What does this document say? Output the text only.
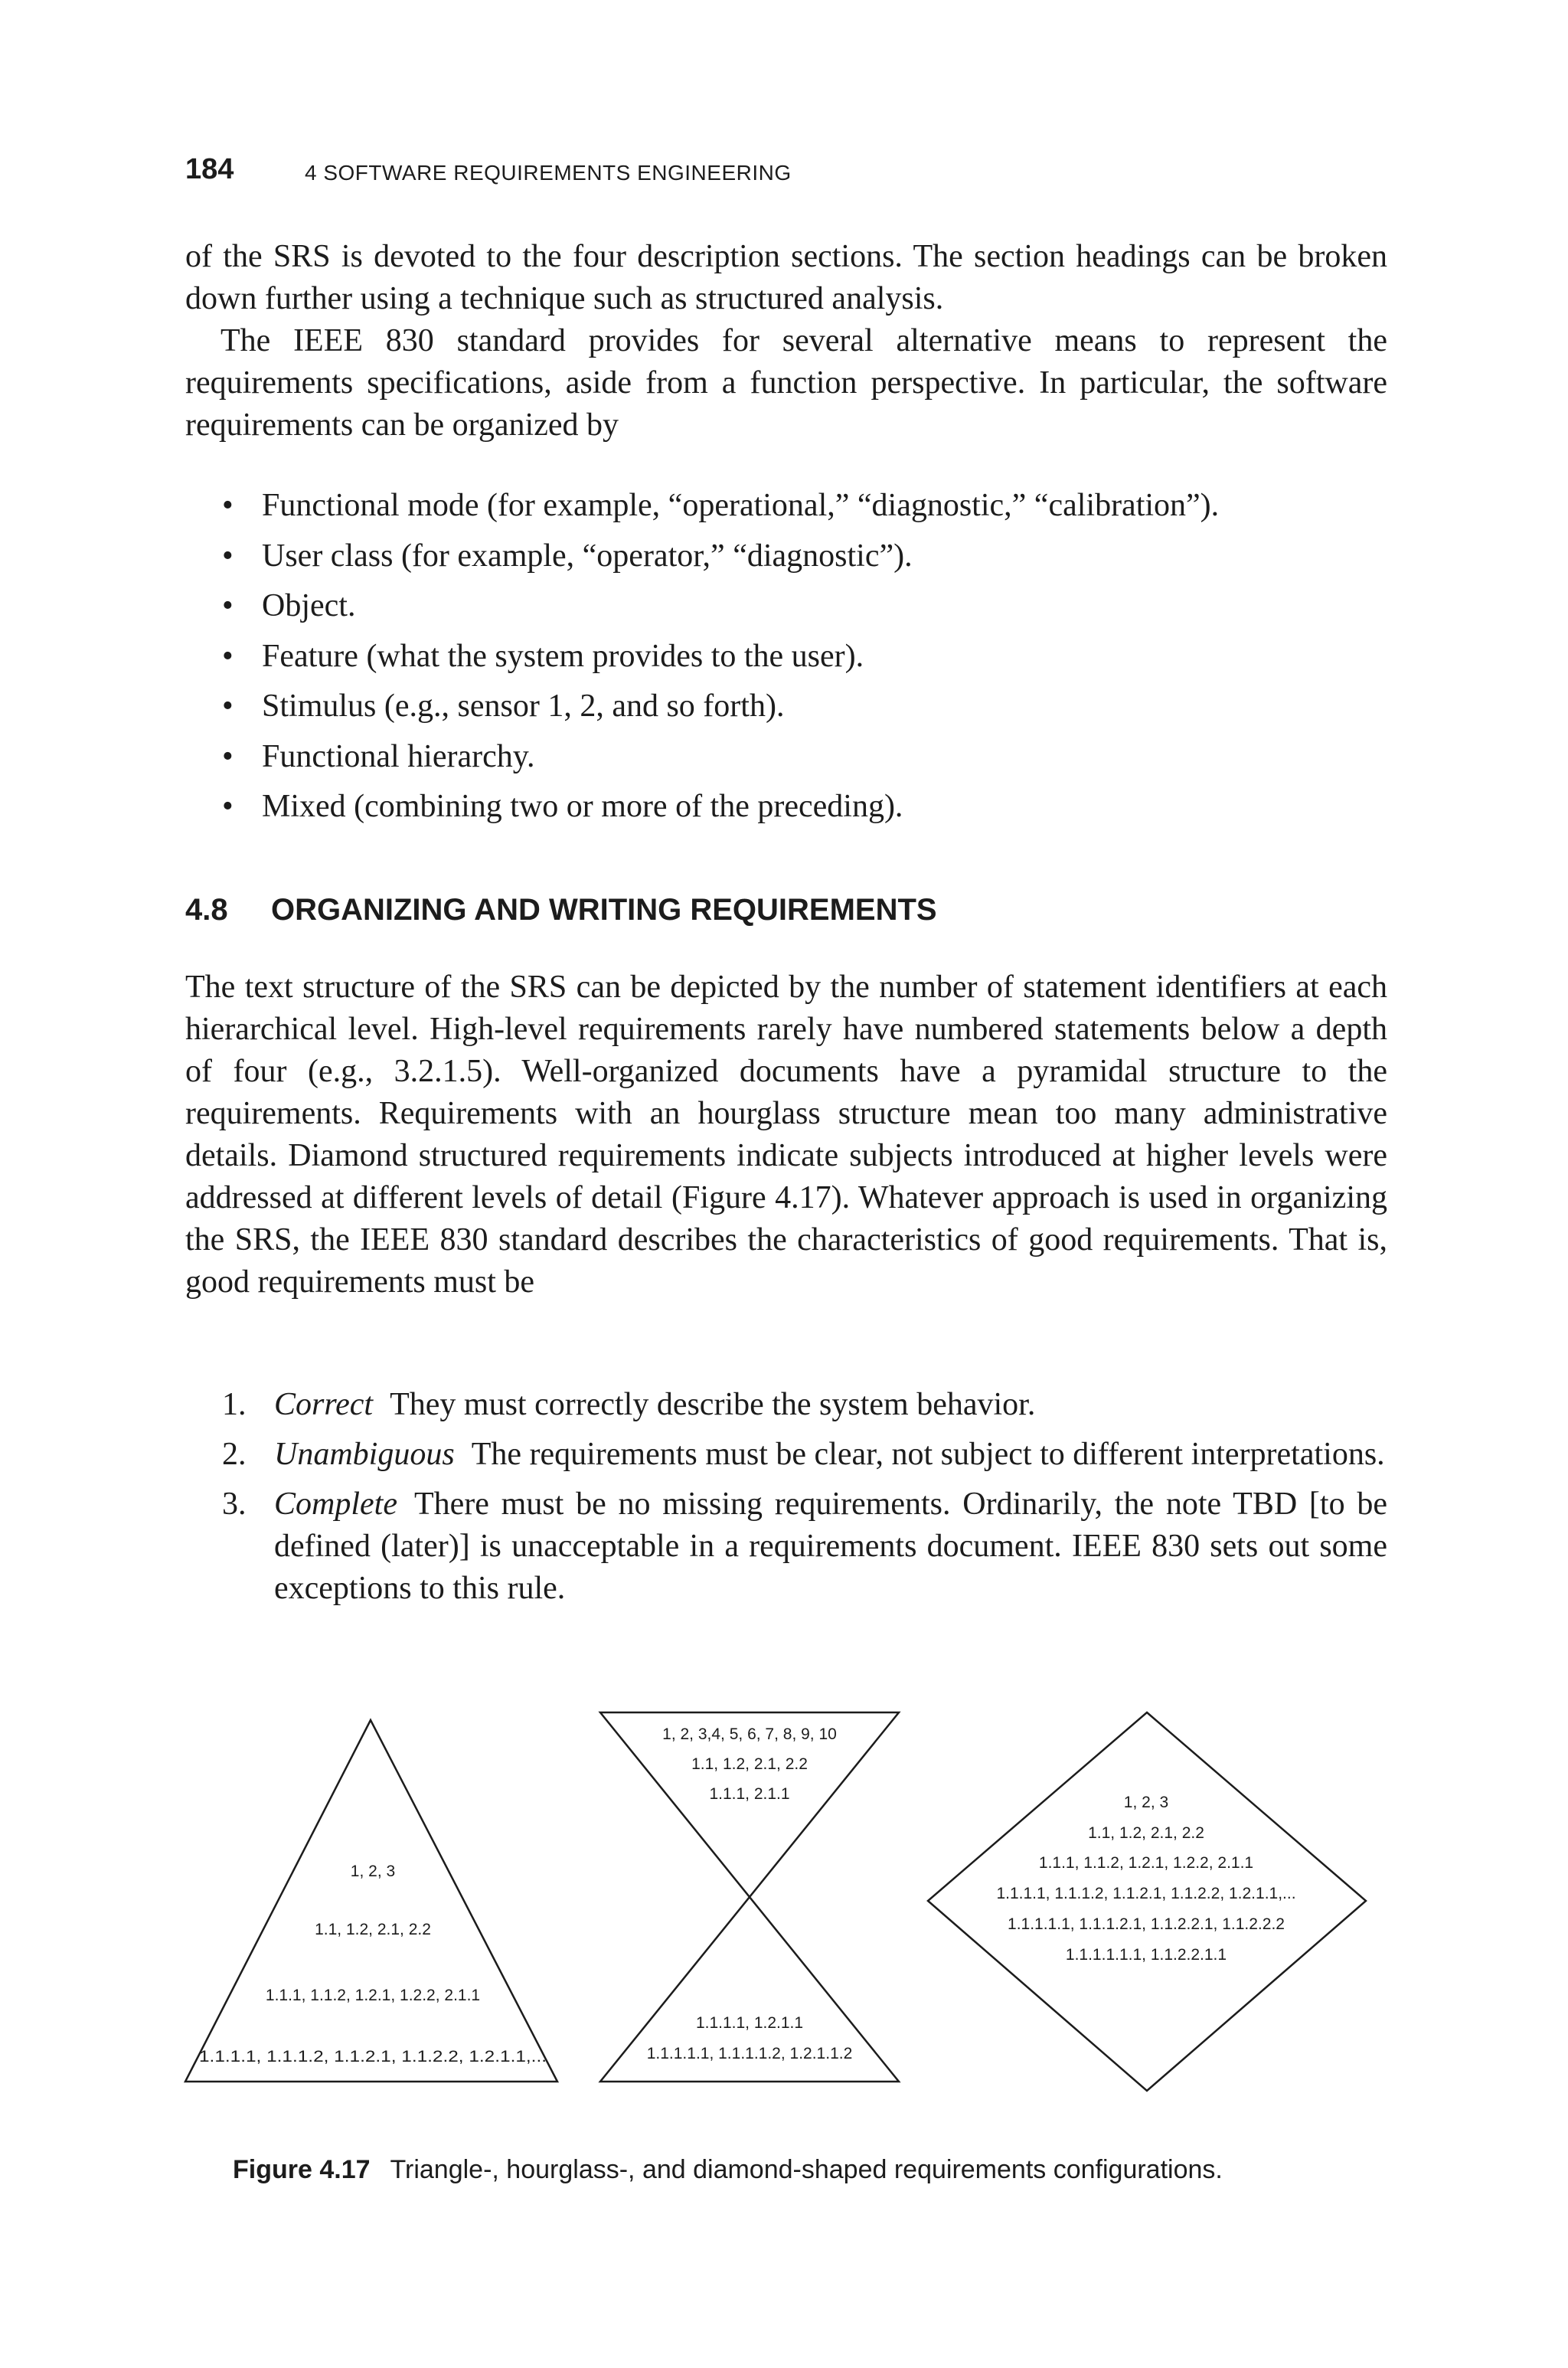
184	4 SOFTWARE REQUIREMENTS ENGINEERING

of the SRS is devoted to the four description sections. The section headings can be broken down further using a technique such as structured analysis.

The IEEE 830 standard provides for several alternative means to represent the requirements specifications, aside from a function perspective. In particular, the software requirements can be organized by

• Functional mode (for example, “operational,” “diagnostic,” “calibration”).
• User class (for example, “operator,” “diagnostic”).
• Object.
• Feature (what the system provides to the user).
• Stimulus (e.g., sensor 1, 2, and so forth).
• Functional hierarchy.
• Mixed (combining two or more of the preceding).
4.8 ORGANIZING AND WRITING REQUIREMENTS

The text structure of the SRS can be depicted by the number of statement identifiers at each hierarchical level. High-level requirements rarely have numbered statements below a depth of four (e.g., 3.2.1.5). Well-organized documents have a pyramidal structure to the requirements. Requirements with an hourglass structure mean too many administrative details. Diamond structured requirements indicate subjects introduced at higher levels were addressed at different levels of detail (Figure 4.17). Whatever approach is used in organizing the SRS, the IEEE 830 standard describes the characteristics of good requirements. That is, good requirements must be

1. Correct They must correctly describe the system behavior.
2. Unambiguous The requirements must be clear, not subject to different interpretations.
3. Complete There must be no missing requirements. Ordinarily, the note TBD [to be defined (later)] is unacceptable in a requirements document. IEEE 830 sets out some exceptions to this rule.
1, 2, 3
1.1, 1.2, 2.1, 2.2
1.1.1, 1.1.2, 1.2.1, 1.2.2, 2.1.1
1.1.1.1, 1.1.1.2, 1.1.2.1, 1.1.2.2, 1.2.1.1,...
1, 2, 3,4, 5, 6, 7, 8, 9, 10
1.1, 1.2, 2.1, 2.2
1.1.1, 2.1.1
1.1.1.1, 1.2.1.1
1.1.1.1.1, 1.1.1.1.2, 1.2.1.1.2
1, 2, 3
1.1, 1.2, 2.1, 2.2
1.1.1, 1.1.2, 1.2.1, 1.2.2, 2.1.1
1.1.1.1, 1.1.1.2, 1.1.2.1, 1.1.2.2, 1.2.1.1,...
1.1.1.1.1, 1.1.1.2.1, 1.1.2.2.1, 1.1.2.2.2
1.1.1.1.1.1, 1.1.2.2.1.1
Figure 4.17 Triangle-, hourglass-, and diamond-shaped requirements configurations.
